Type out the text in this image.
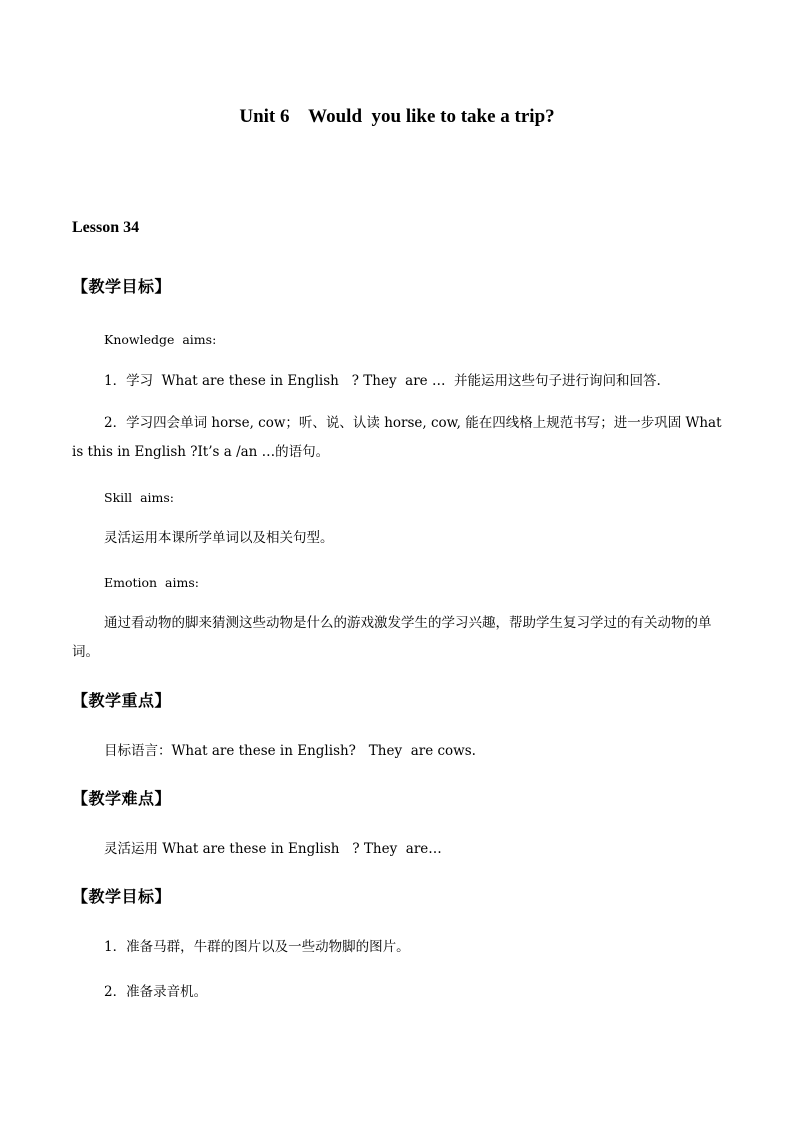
Unit 6    Would  you like to take a trip?
Lesson 34
【教学目标】
Knowledge  aims:
1．学习  What are these in English   ? They  are …  并能运用这些句子进行询问和回答.
2．学习四会单词 horse, cow；听、说、认读 horse, cow, 能在四线格上规范书写；进一步巩固 What is this in English ?It’s a /an …的语句。
Skill  aims:
灵活运用本课所学单词以及相关句型。
Emotion  aims:
通过看动物的脚来猜测这些动物是什么的游戏激发学生的学习兴趣，帮助学生复习学过的有关动物的单词。
【教学重点】
目标语言：What are these in English?   They  are cows.
【教学难点】
灵活运用 What are these in English   ? They  are…
【教学目标】
1．准备马群，牛群的图片以及一些动物脚的图片。
2．准备录音机。
